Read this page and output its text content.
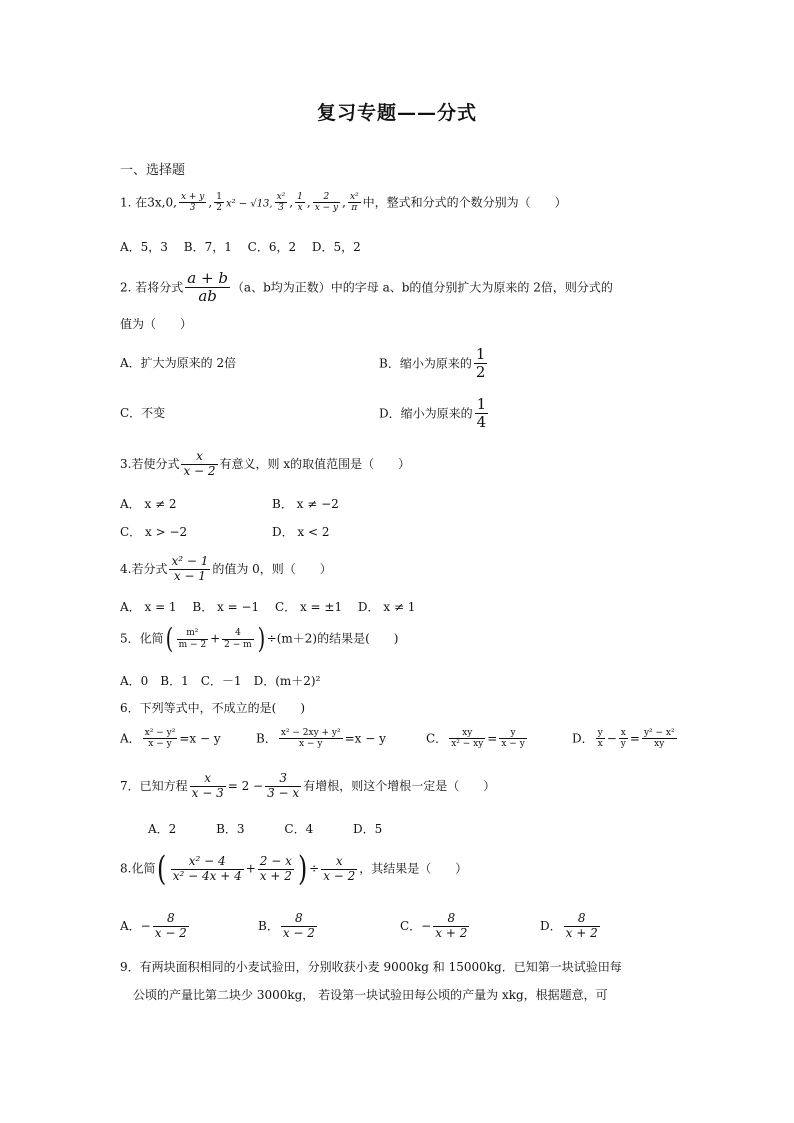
复习专题——分式
一、选择题
1. 在3x,0, $\frac{x + y}{3}$ , $\frac{1}{2} x^2 - √13$, $\frac{\text{x²}}{3}$ , $\frac{1}{x}$ , $\frac{2}{x - y}$ , $\frac{\text{x²}}{\pi}$ 中，整式和分式的个数分别为（　　）
A．5，3　 B．7，1　 C．6，2　 D．5，2
2. 若将分式 $\frac{a + b}{ab} (a$、b均为正数）中的字母 a、b的值分别扩大为原来的 2倍，则分式的
值为（　　）
A．扩大为原来的 2倍	B．缩小为原来的 $\frac{1}{2}$
C．不变	D．缩小为原来的 $\frac{1}{4}$
3.若使分式 $\frac{x}{x - 2}$ 有意义，则 x的取值范围是（　　）
A． x ≠ 2	B． x ≠ −2
C． x > −2	D． x < 2
4.若分式 $\frac{\text{x² − 1}}{x - 1}$ 的值为 0，则（　　）
A． x = 1　 B． x = −1　 C． x = ±1　 D． x ≠ 1
5．化简( $\frac{\text{m²}}{m - 2} + \frac{4}{2 - m}$ ) ÷(m＋2)的结果是(　　)
A．0　B．1　C．－1　D．(m＋2)²
6．下列等式中，不成立的是(　　)
A． $\frac{\text{x² − y²}}{x - y} =x - y$	B． $\frac{\text{x² − 2xy + y²}}{x - y} =x - y$	C． $\frac{xy}{\text{x² − xy}} = \frac{y}{x - y}$	D． $\frac{y}{x} - \frac{x}{y} = \frac{\text{y² − x²}}{xy}$
7．已知方程 $\frac{x}{x - 3} = 2 - \frac{3}{3 - x}$ 有增根，则这个增根一定是（　　）
A．2　　　 B．3　　　 C．4　　　 D．5
8.化简( $\frac{\text{x² − 4}}{\text{x² − 4x + 4}} + \frac{2 - x}{x + 2}$ ) ÷ $\frac{x}{x - 2}$ ，其结果是（　　）
A．− $\frac{8}{x - 2}$	B． $\frac{8}{x - 2}$	C．− $\frac{8}{x + 2}$	D． $\frac{8}{x + 2}$
9．有两块面积相同的小麦试验田，分别收获小麦 9000kg 和 15000kg．已知第一块试验田每
公顷的产量比第二块少 3000kg， 若设第一块试验田每公顷的产量为 xkg，根据题意，可
